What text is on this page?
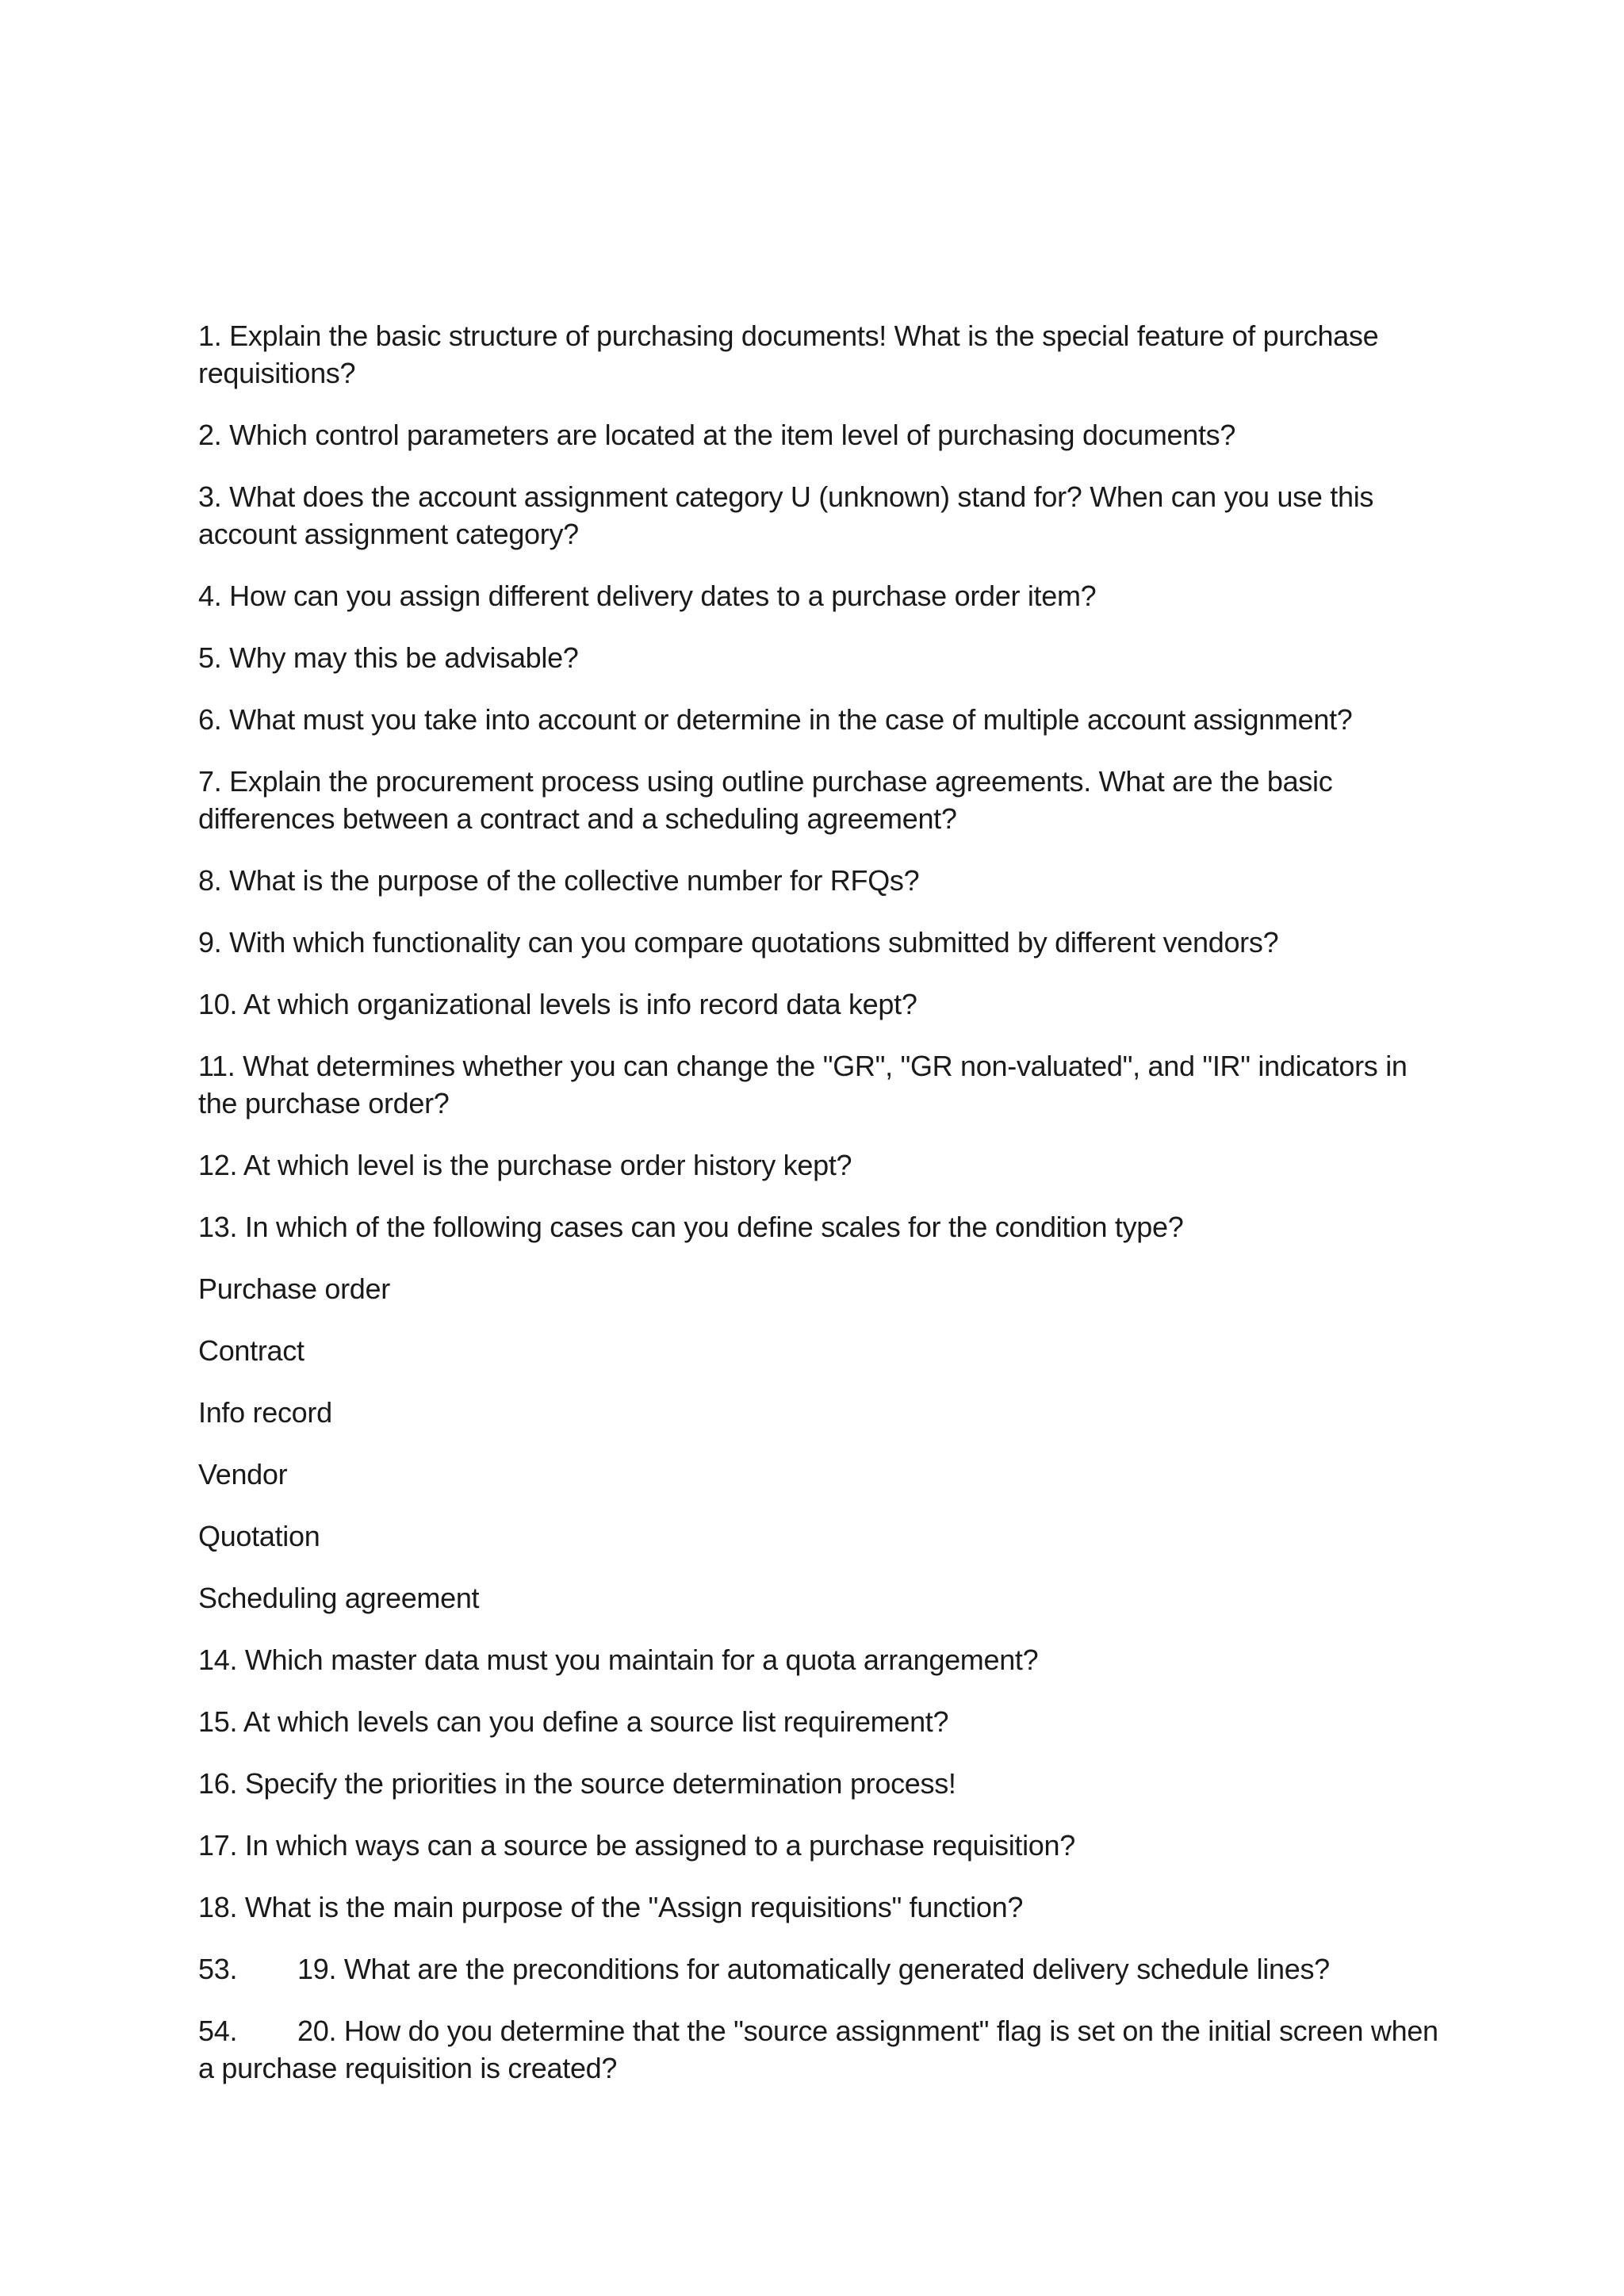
1. Explain the basic structure of purchasing documents! What is the special feature of purchase requisitions?

2. Which control parameters are located at the item level of purchasing documents?

3. What does the account assignment category U (unknown) stand for? When can you use this account assignment category?

4. How can you assign different delivery dates to a purchase order item?

5. Why may this be advisable?

6. What must you take into account or determine in the case of multiple account assignment?

7. Explain the procurement process using outline purchase agreements. What are the basic differences between a contract and a scheduling agreement?

8. What is the purpose of the collective number for RFQs?

9. With which functionality can you compare quotations submitted by different vendors?

10. At which organizational levels is info record data kept?

11. What determines whether you can change the "GR", "GR non-valuated", and "IR" indicators in the purchase order?

12. At which level is the purchase order history kept?

13. In which of the following cases can you define scales for the condition type?

Purchase order

Contract

Info record

Vendor

Quotation

Scheduling agreement

14. Which master data must you maintain for a quota arrangement?

15. At which levels can you define a source list requirement?

16. Specify the priorities in the source determination process!

17. In which ways can a source be assigned to a purchase requisition?

18. What is the main purpose of the "Assign requisitions" function?

53. 19. What are the preconditions for automatically generated delivery schedule lines?

54. 20. How do you determine that the "source assignment" flag is set on the initial screen when a purchase requisition is created?
